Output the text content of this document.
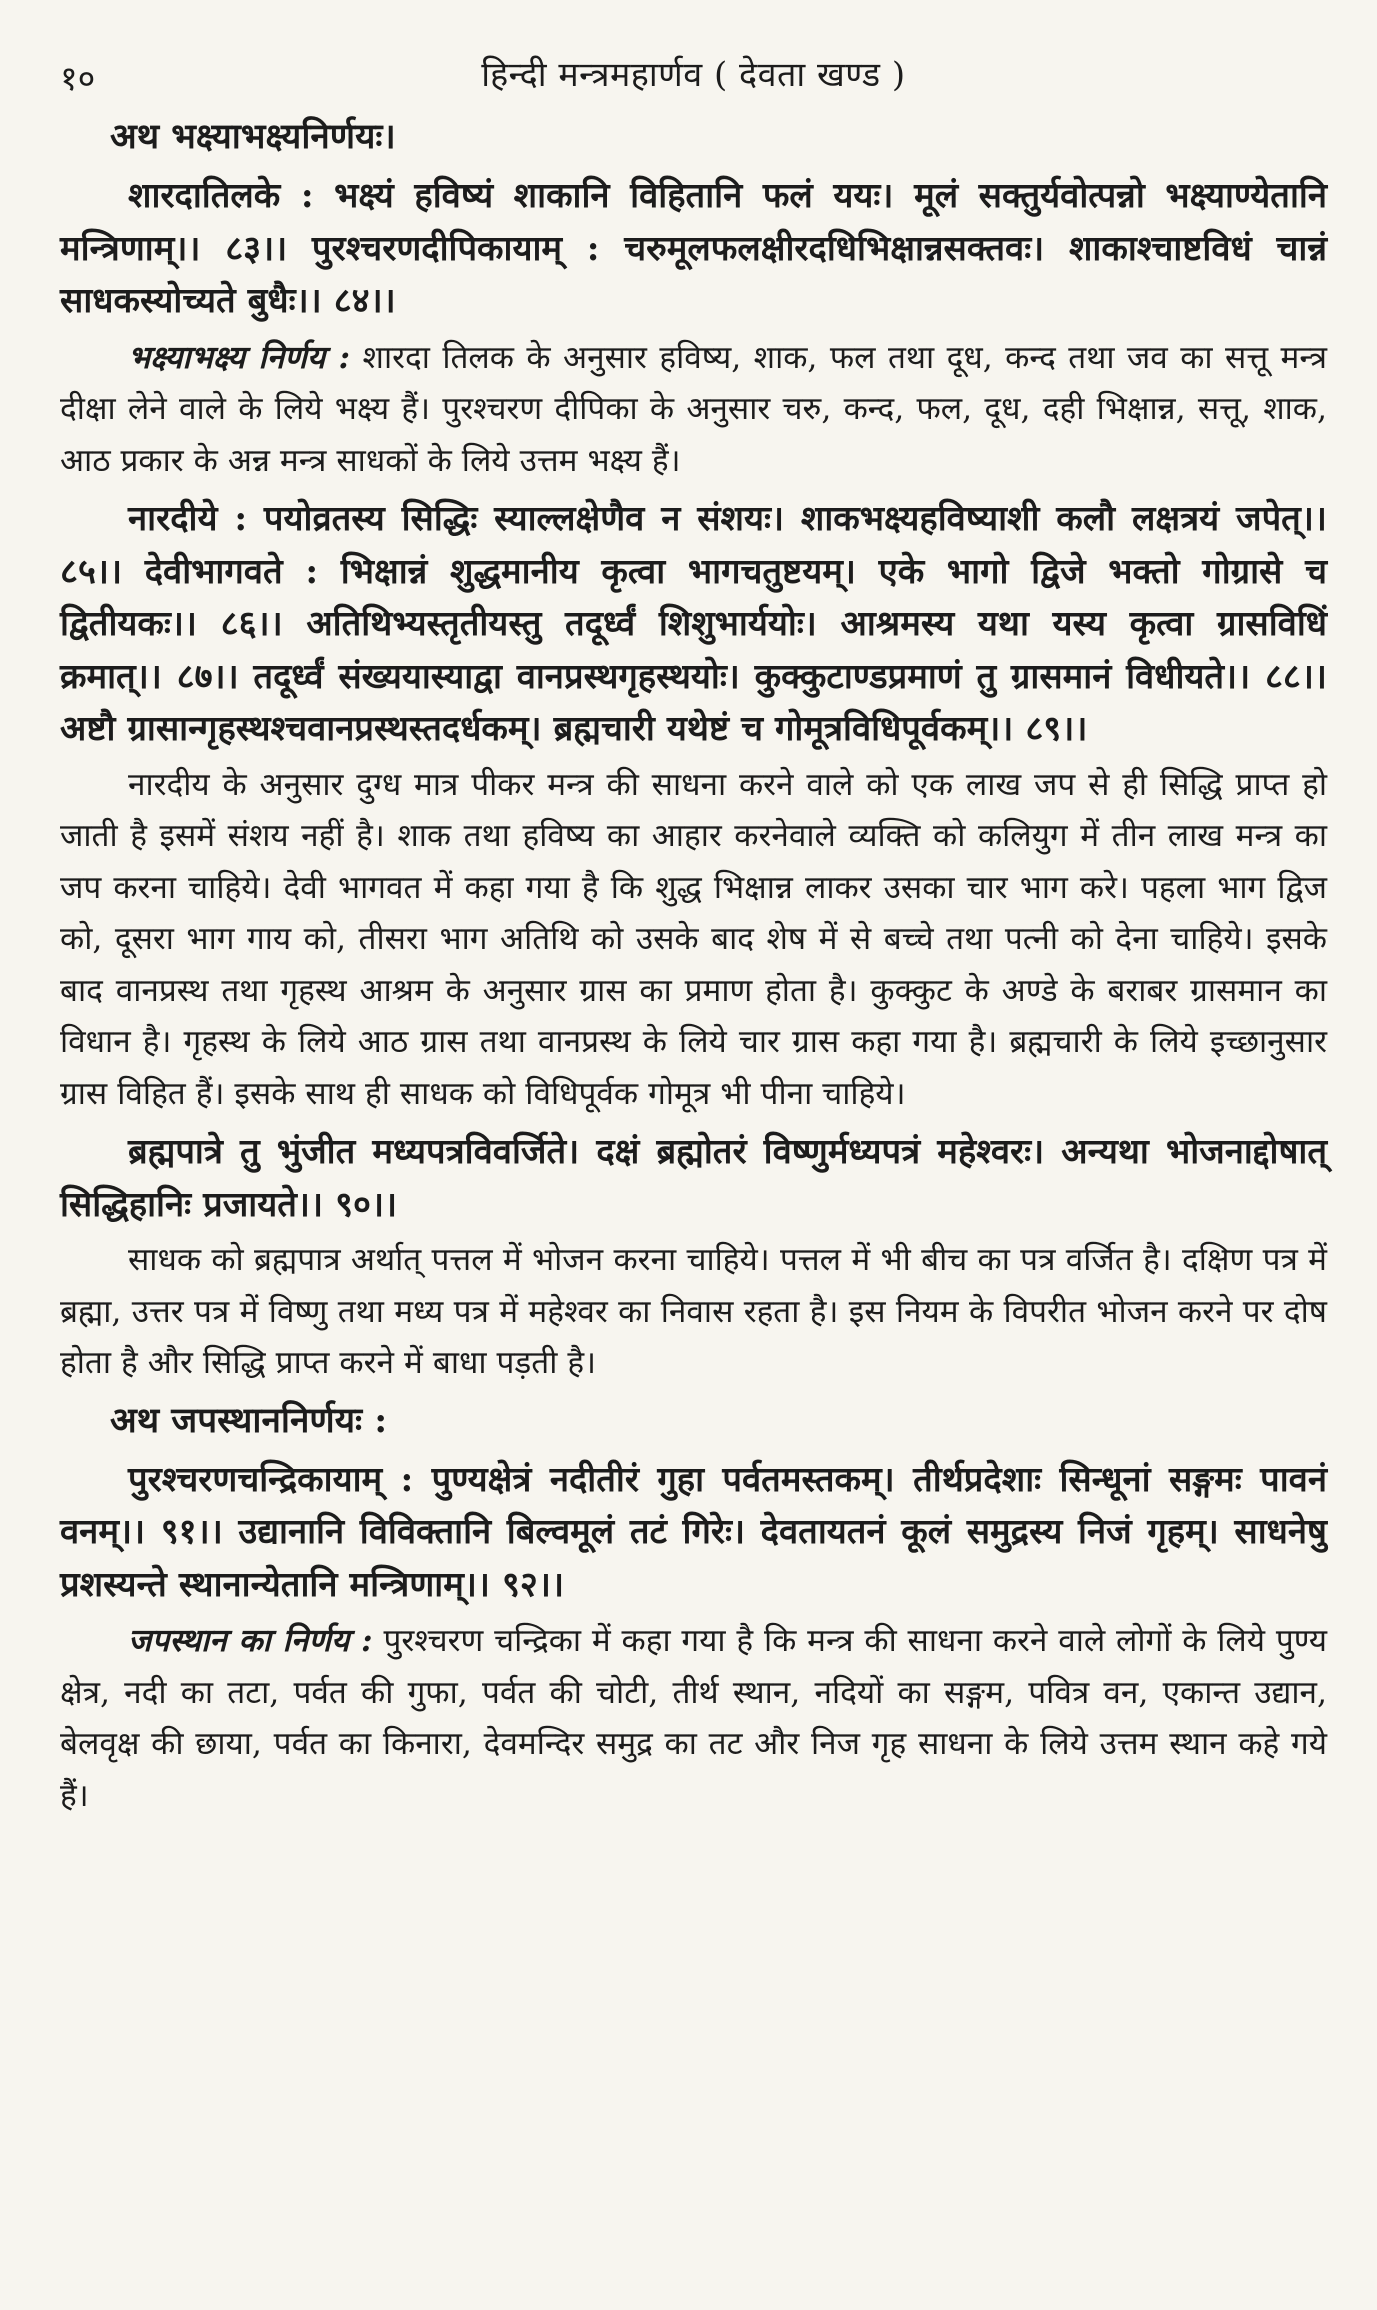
१०	हिन्दी मन्त्रमहार्णव ( देवता खण्ड )
अथ भक्ष्याभक्ष्यनिर्णयः।

शारदातिलके : भक्ष्यं हविष्यं शाकानि विहितानि फलं ययः। मूलं सक्तुर्यवोत्पन्नो भक्ष्याण्येतानि मन्त्रिणाम्।। ८३।। पुरश्चरणदीपिकायाम् : चरुमूलफलक्षीरदधिभिक्षान्नसक्तवः। शाकाश्चाष्टविधं चान्नं साधकस्योच्यते बुधैः।। ८४।।

भक्ष्याभक्ष्य निर्णय : शारदा तिलक के अनुसार हविष्य, शाक, फल तथा दूध, कन्द तथा जव का सत्तू मन्त्र दीक्षा लेने वाले के लिये भक्ष्य हैं। पुरश्चरण दीपिका के अनुसार चरु, कन्द, फल, दूध, दही भिक्षान्न, सत्तू, शाक, आठ प्रकार के अन्न मन्त्र साधकों के लिये उत्तम भक्ष्य हैं।

नारदीये : पयोव्रतस्य सिद्धिः स्याल्लक्षेणैव न संशयः। शाकभक्ष्यहविष्याशी कलौ लक्षत्रयं जपेत्।। ८५।। देवीभागवते : भिक्षान्नं शुद्धमानीय कृत्वा भागचतुष्टयम्। एके भागो द्विजे भक्तो गोग्रासे च द्वितीयकः।। ८६।। अतिथिभ्यस्तृतीयस्तु तदूर्ध्वं शिशुभार्ययोः। आश्रमस्य यथा यस्य कृत्वा ग्रासविधिं क्रमात्।। ८७।। तदूर्ध्वं संख्ययास्याद्वा वानप्रस्थगृहस्थयोः। कुक्कुटाण्डप्रमाणं तु ग्रासमानं विधीयते।। ८८।। अष्टौ ग्रासान्गृहस्थश्चवानप्रस्थस्तदर्धकम्। ब्रह्मचारी यथेष्टं च गोमूत्रविधिपूर्वकम्।। ८९।।

नारदीय के अनुसार दुग्ध मात्र पीकर मन्त्र की साधना करने वाले को एक लाख जप से ही सिद्धि प्राप्त हो जाती है इसमें संशय नहीं है। शाक तथा हविष्य का आहार करनेवाले व्यक्ति को कलियुग में तीन लाख मन्त्र का जप करना चाहिये। देवी भागवत में कहा गया है कि शुद्ध भिक्षान्न लाकर उसका चार भाग करे। पहला भाग द्विज को, दूसरा भाग गाय को, तीसरा भाग अतिथि को उसके बाद शेष में से बच्चे तथा पत्नी को देना चाहिये। इसके बाद वानप्रस्थ तथा गृहस्थ आश्रम के अनुसार ग्रास का प्रमाण होता है। कुक्कुट के अण्डे के बराबर ग्रासमान का विधान है। गृहस्थ के लिये आठ ग्रास तथा वानप्रस्थ के लिये चार ग्रास कहा गया है। ब्रह्मचारी के लिये इच्छानुसार ग्रास विहित हैं। इसके साथ ही साधक को विधिपूर्वक गोमूत्र भी पीना चाहिये।

ब्रह्मपात्रे तु भुंजीत मध्यपत्रविवर्जिते। दक्षं ब्रह्मोतरं विष्णुर्मध्यपत्रं महेश्वरः। अन्यथा भोजनाद्दोषात् सिद्धिहानिः प्रजायते।। ९०।।

साधक को ब्रह्मपात्र अर्थात् पत्तल में भोजन करना चाहिये। पत्तल में भी बीच का पत्र वर्जित है। दक्षिण पत्र में ब्रह्मा, उत्तर पत्र में विष्णु तथा मध्य पत्र में महेश्वर का निवास रहता है। इस नियम के विपरीत भोजन करने पर दोष होता है और सिद्धि प्राप्त करने में बाधा पड़ती है।

अथ जपस्थाननिर्णयः :

पुरश्चरणचन्द्रिकायाम् : पुण्यक्षेत्रं नदीतीरं गुहा पर्वतमस्तकम्। तीर्थप्रदेशाः सिन्धूनां सङ्गमः पावनं वनम्।। ९१।। उद्यानानि विविक्तानि बिल्वमूलं तटं गिरेः। देवतायतनं कूलं समुद्रस्य निजं गृहम्। साधनेषु प्रशस्यन्ते स्थानान्येतानि मन्त्रिणाम्।। ९२।।

जपस्थान का निर्णय : पुरश्चरण चन्द्रिका में कहा गया है कि मन्त्र की साधना करने वाले लोगों के लिये पुण्य क्षेत्र, नदी का तटा, पर्वत की गुफा, पर्वत की चोटी, तीर्थ स्थान, नदियों का सङ्गम, पवित्र वन, एकान्त उद्यान, बेलवृक्ष की छाया, पर्वत का किनारा, देवमन्दिर समुद्र का तट और निज गृह साधना के लिये उत्तम स्थान कहे गये हैं।
